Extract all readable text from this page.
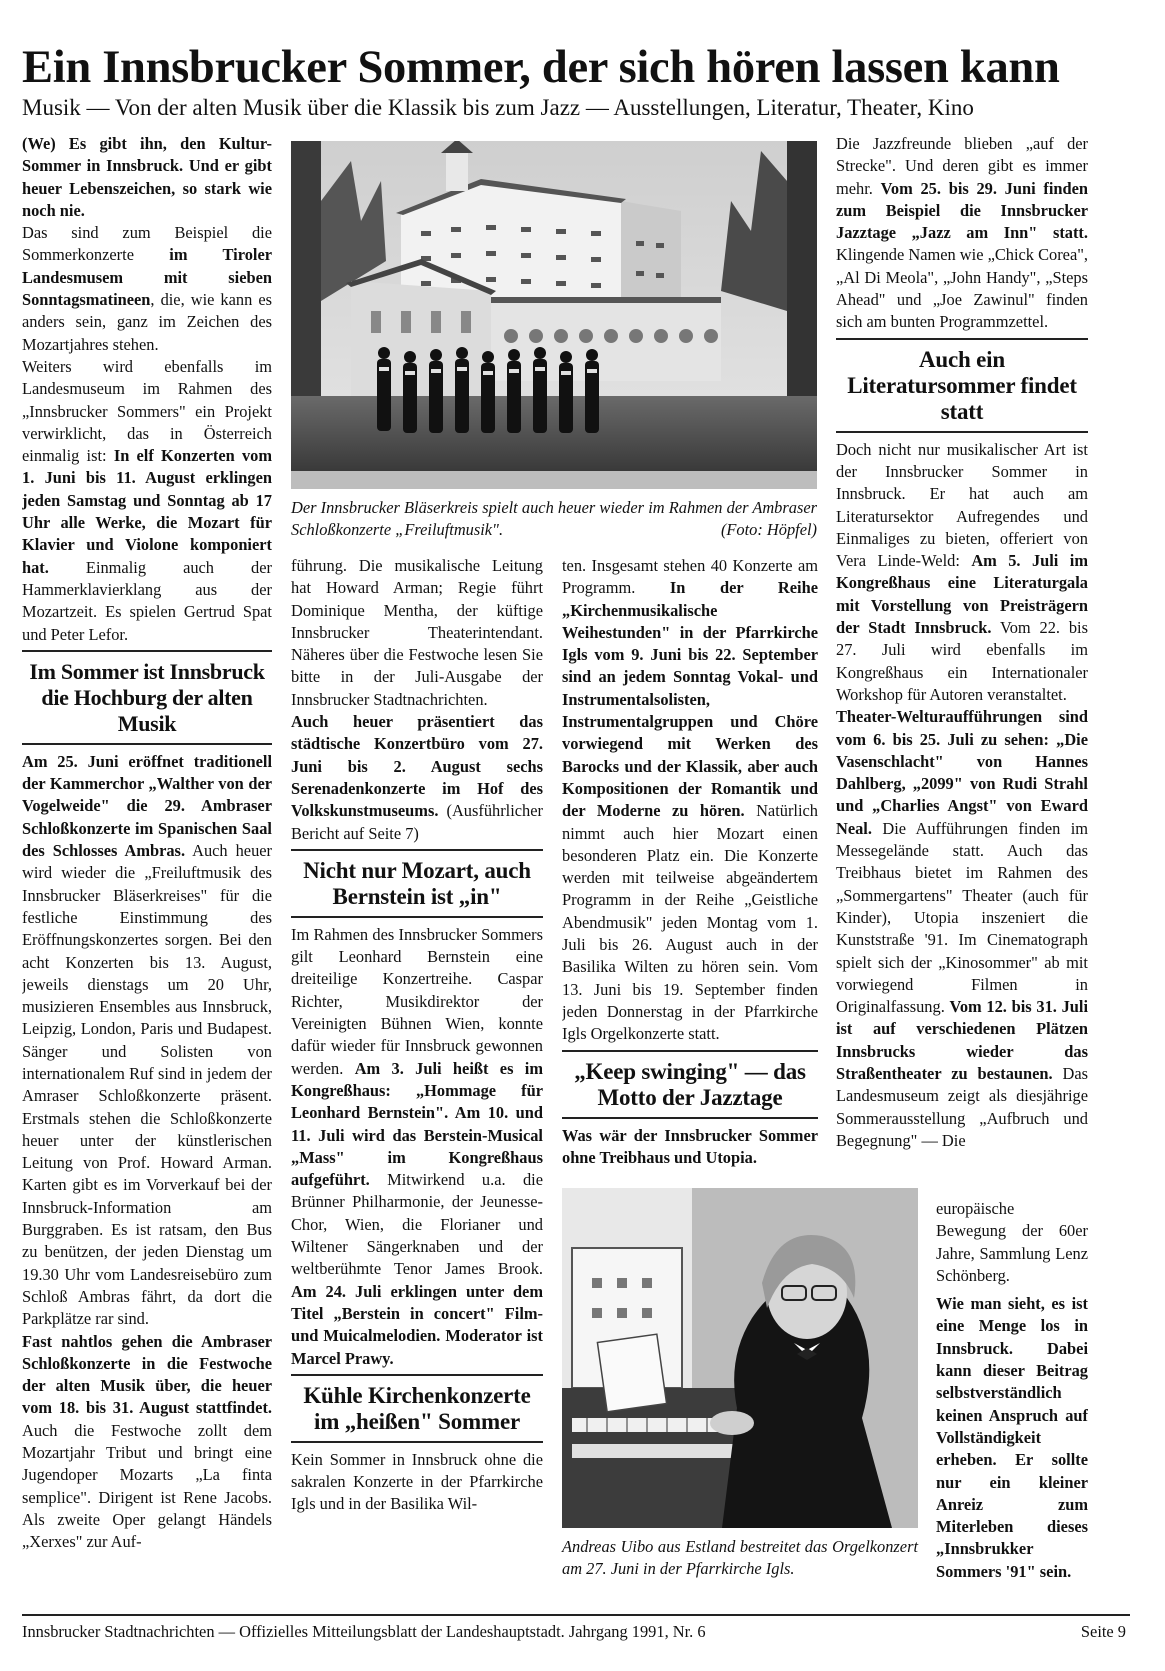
Ein Innsbrucker Sommer, der sich hören lassen kann
Musik — Von der alten Musik über die Klassik bis zum Jazz — Ausstellungen, Literatur, Theater, Kino

(We) Es gibt ihn, den Kultur-Sommer in Innsbruck. Und er gibt heuer Lebenszeichen, so stark wie noch nie.

Das sind zum Beispiel die Sommerkonzerte im Tiroler Landesmusem mit sieben Sonntagsmatineen, die, wie kann es anders sein, ganz im Zeichen des Mozartjahres stehen.

Weiters wird ebenfalls im Landesmuseum im Rahmen des „Innsbrucker Sommers" ein Projekt verwirklicht, das in Österreich einmalig ist: In elf Konzerten vom 1. Juni bis 11. August erklingen jeden Samstag und Sonntag ab 17 Uhr alle Werke, die Mozart für Klavier und Violone komponiert hat. Einmalig auch der Hammerklavierklang aus der Mozartzeit. Es spielen Gertrud Spat und Peter Lefor.

Im Sommer ist Innsbruck die Hochburg der alten Musik

Am 25. Juni eröffnet traditionell der Kammerchor „Walther von der Vogelweide" die 29. Ambraser Schloßkonzerte im Spanischen Saal des Schlosses Ambras. Auch heuer wird wieder die „Freiluftmusik des Innsbrucker Bläserkreises" für die festliche Einstimmung des Eröffnungskonzertes sorgen. Bei den acht Konzerten bis 13. August, jeweils dienstags um 20 Uhr, musizieren Ensembles aus Innsbruck, Leipzig, London, Paris und Budapest. Sänger und Solisten von internationalem Ruf sind in jedem der Amraser Schloßkonzerte präsent. Erstmals stehen die Schloßkonzerte heuer unter der künstlerischen Leitung von Prof. Howard Arman. Karten gibt es im Vorverkauf bei der Innsbruck-Information am Burggraben. Es ist ratsam, den Bus zu benützen, der jeden Dienstag um 19.30 Uhr vom Landesreisebüro zum Schloß Ambras fährt, da dort die Parkplätze rar sind.

Fast nahtlos gehen die Ambraser Schloßkonzerte in die Festwoche der alten Musik über, die heuer vom 18. bis 31. August stattfindet. Auch die Festwoche zollt dem Mozartjahr Tribut und bringt eine Jugendoper Mozarts „La finta semplice". Dirigent ist Rene Jacobs. Als zweite Oper gelangt Händels „Xerxes" zur Auf-

Der Innsbrucker Bläserkreis spielt auch heuer wieder im Rahmen der Ambraser Schloßkonzerte „Freiluftmusik".	(Foto: Höpfel)

führung. Die musikalische Leitung hat Howard Arman; Regie führt Dominique Mentha, der küftige Innsbrucker Theaterintendant. Näheres über die Festwoche lesen Sie bitte in der Juli-Ausgabe der Innsbrucker Stadtnachrichten.

Auch heuer präsentiert das städtische Konzertbüro vom 27. Juni bis 2. August sechs Serenadenkonzerte im Hof des Volkskunstmuseums. (Ausführlicher Bericht auf Seite 7)

Nicht nur Mozart, auch Bernstein ist „in"

Im Rahmen des Innsbrucker Sommers gilt Leonhard Bernstein eine dreiteilige Konzertreihe. Caspar Richter, Musikdirektor der Vereinigten Bühnen Wien, konnte dafür wieder für Innsbruck gewonnen werden. Am 3. Juli heißt es im Kongreßhaus: „Hommage für Leonhard Bernstein". Am 10. und 11. Juli wird das Berstein-Musical „Mass" im Kongreßhaus aufgeführt. Mitwirkend u.a. die Brünner Philharmonie, der Jeunesse-Chor, Wien, die Florianer und Wiltener Sängerknaben und der weltberühmte Tenor James Brook. Am 24. Juli erklingen unter dem Titel „Berstein in concert" Film- und Muicalmelodien. Moderator ist Marcel Prawy.

Kühle Kirchenkonzerte im „heißen" Sommer

Kein Sommer in Innsbruck ohne die sakralen Konzerte in der Pfarrkirche Igls und in der Basilika Wil-

ten. Insgesamt stehen 40 Konzerte am Programm. In der Reihe „Kirchenmusikalische Weihestunden" in der Pfarrkirche Igls vom 9. Juni bis 22. September sind an jedem Sonntag Vokal- und Instrumentalsolisten, Instrumentalgruppen und Chöre vorwiegend mit Werken des Barocks und der Klassik, aber auch Kompositionen der Romantik und der Moderne zu hören. Natürlich nimmt auch hier Mozart einen besonderen Platz ein. Die Konzerte werden mit teilweise abgeändertem Programm in der Reihe „Geistliche Abendmusik" jeden Montag vom 1. Juli bis 26. August auch in der Basilika Wilten zu hören sein. Vom 13. Juni bis 19. September finden jeden Donnerstag in der Pfarrkirche Igls Orgelkonzerte statt.

„Keep swinging" — das Motto der Jazztage

Was wär der Innsbrucker Sommer ohne Treibhaus und Utopia.

Andreas Uibo aus Estland bestreitet das Orgelkonzert am 27. Juni in der Pfarrkirche Igls.

Die Jazzfreunde blieben „auf der Strecke". Und deren gibt es immer mehr. Vom 25. bis 29. Juni finden zum Beispiel die Innsbrucker Jazztage „Jazz am Inn" statt. Klingende Namen wie „Chick Corea", „Al Di Meola", „John Handy", „Steps Ahead" und „Joe Zawinul" finden sich am bunten Programmzettel.

Auch ein Literatursommer findet statt

Doch nicht nur musikalischer Art ist der Innsbrucker Sommer in Innsbruck. Er hat auch am Literatursektor Aufregendes und Einmaliges zu bieten, offeriert von Vera Linde-Weld: Am 5. Juli im Kongreßhaus eine Literaturgala mit Vorstellung von Preisträgern der Stadt Innsbruck. Vom 22. bis 27. Juli wird ebenfalls im Kongreßhaus ein Internationaler Workshop für Autoren veranstaltet.

Theater-Welturaufführungen sind vom 6. bis 25. Juli zu sehen: „Die Vasenschlacht" von Hannes Dahlberg, „2099" von Rudi Strahl und „Charlies Angst" von Eward Neal. Die Aufführungen finden im Messegelände statt. Auch das Treibhaus bietet im Rahmen des „Sommergartens" Theater (auch für Kinder), Utopia inszeniert die Kunststraße '91. Im Cinematograph spielt sich der „Kinosommer" ab mit vorwiegend Filmen in Originalfassung. Vom 12. bis 31. Juli ist auf verschiedenen Plätzen Innsbrucks wieder das Straßentheater zu bestaunen. Das Landesmuseum zeigt als diesjährige Sommerausstellung „Aufbruch und Begegnung" — Die

europäische Bewegung der 60er Jahre, Sammlung Lenz Schönberg.

Wie man sieht, es ist eine Menge los in Innsbruck. Dabei kann dieser Beitrag selbstverständlich keinen Anspruch auf Vollständigkeit erheben. Er sollte nur ein kleiner Anreiz zum Miterleben dieses „Innsbrukker Sommers '91" sein.

Innsbrucker Stadtnachrichten — Offizielles Mitteilungsblatt der Landeshauptstadt. Jahrgang 1991, Nr. 6	Seite 9
